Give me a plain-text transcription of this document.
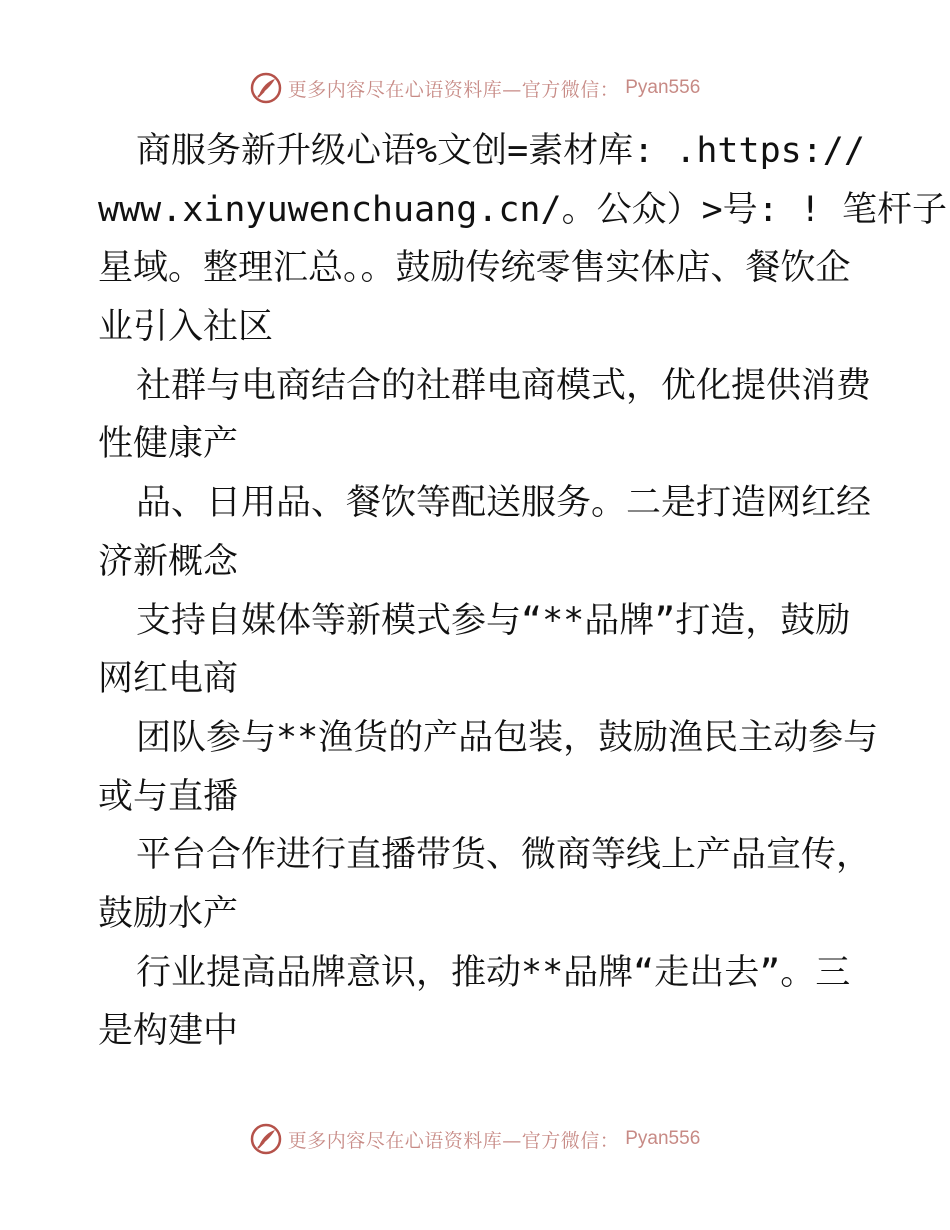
更多内容尽在心语资料库—官方微信： Pyan556
商服务新升级心语%文创=素材库: .https://
www.xinyuwenchuang.cn/。公众）>号: ! 笔杆子
星域。整理汇总。。鼓励传统零售实体店、餐饮企
业引入社区
社群与电商结合的社群电商模式，优化提供消费
性健康产
品、日用品、餐饮等配送服务。二是打造网红经
济新概念
支持自媒体等新模式参与“**品牌”打造，鼓励
网红电商
团队参与**渔货的产品包装，鼓励渔民主动参与
或与直播
平台合作进行直播带货、微商等线上产品宣传，
鼓励水产
行业提高品牌意识，推动**品牌“走出去”。三
是构建中
更多内容尽在心语资料库—官方微信： Pyan556
